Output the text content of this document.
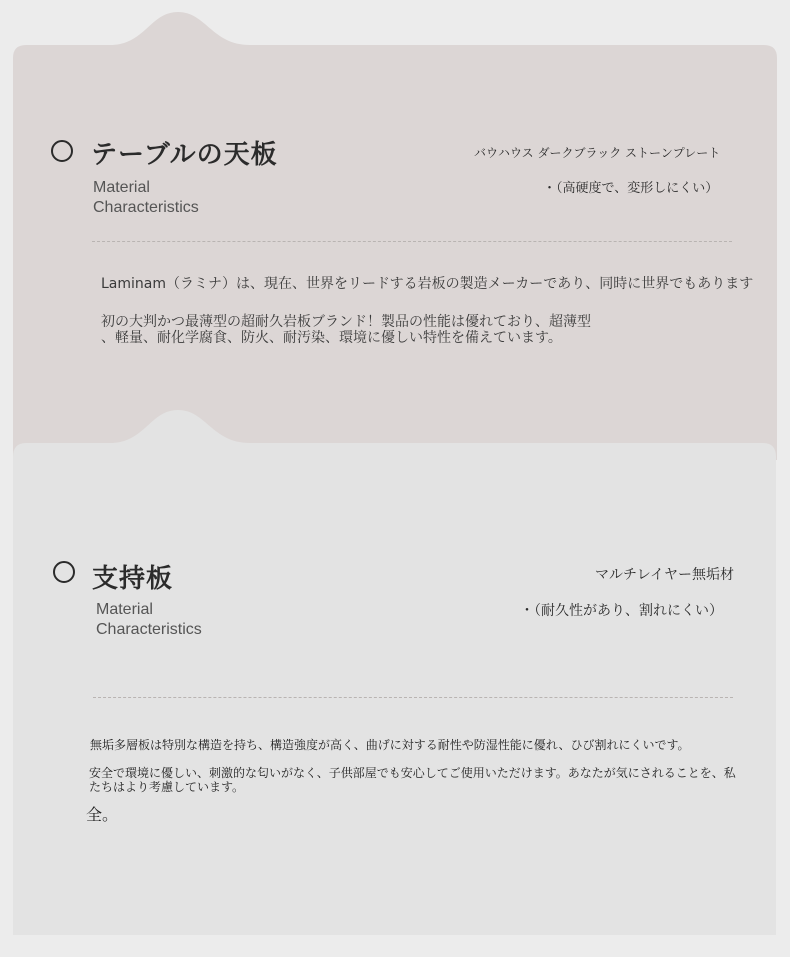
テーブルの天板
Material
Characteristics
バウハウス ダークブラック ストーンプレート
・（高硬度で、変形しにくい）
Laminam（ラミナ）は、現在、世界をリードする岩板の製造メーカーであり、同時に世界でもあります
初の大判かつ最薄型の超耐久岩板ブランド！製品の性能は優れており、超薄型
、軽量、耐化学腐食、防火、耐汚染、環境に優しい特性を備えています。
支持板
Material
Characteristics
マルチレイヤー無垢材
・（耐久性があり、割れにくい）
無垢多層板は特別な構造を持ち、構造強度が高く、曲げに対する耐性や防湿性能に優れ、ひび割れにくいです。
安全で環境に優しい、刺激的な匂いがなく、子供部屋でも安心してご使用いただけます。あなたが気にされることを、私
たちはより考慮しています。
全。
